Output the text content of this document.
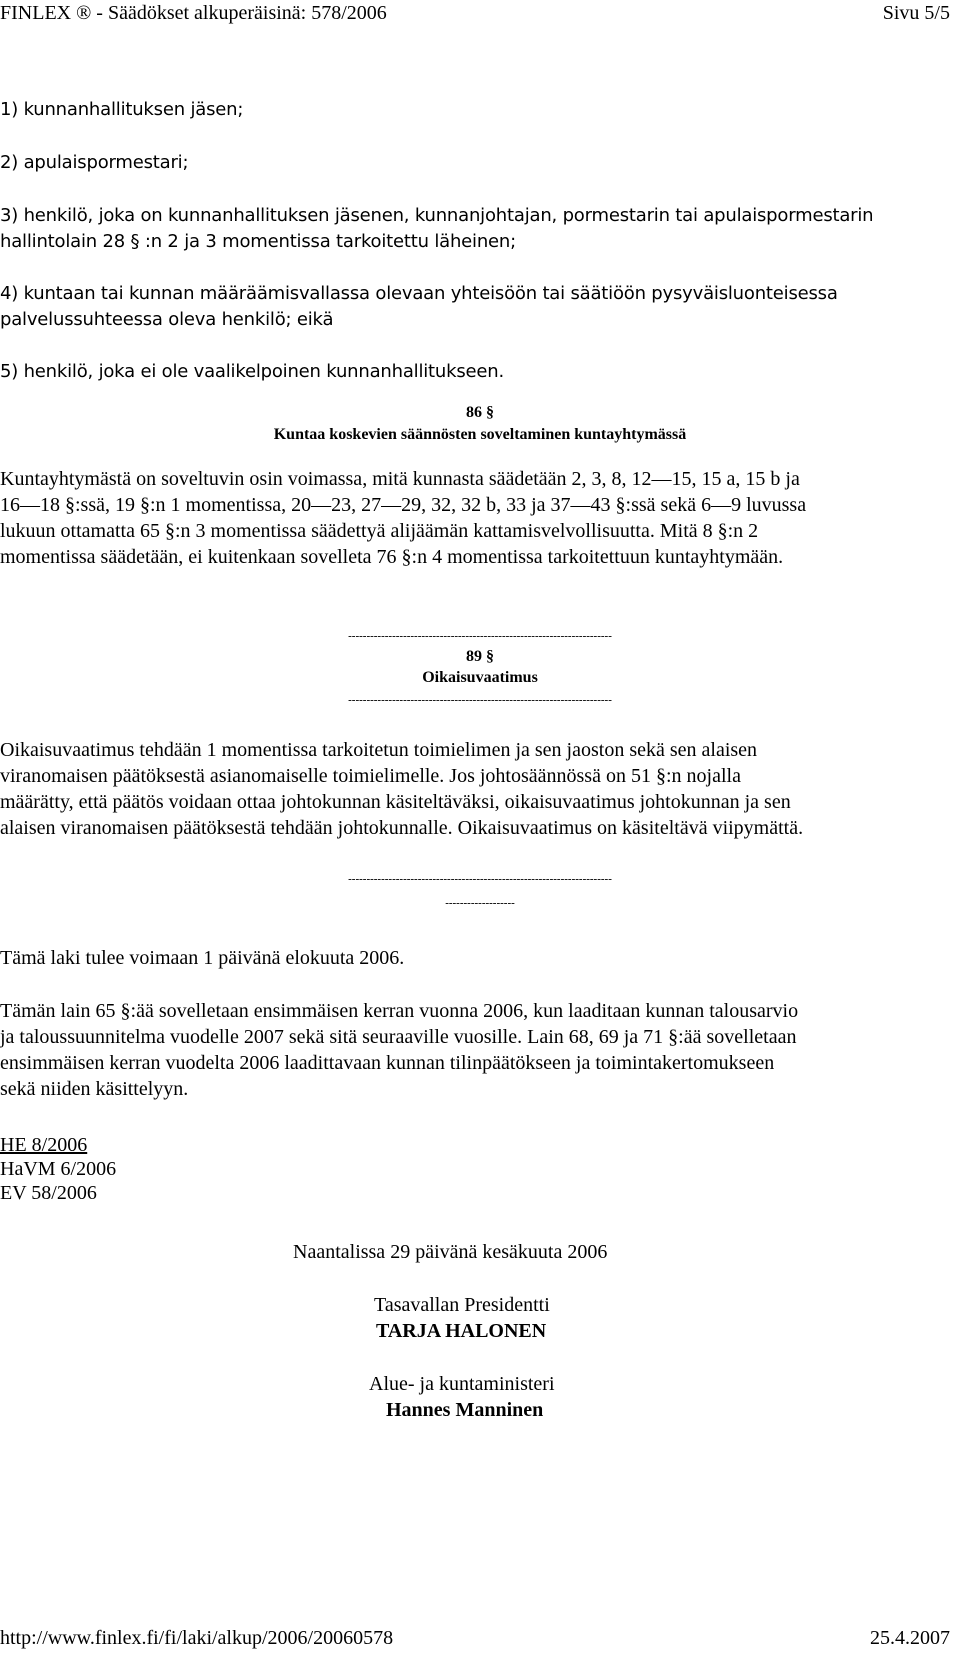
FINLEX ® - Säädökset alkuperäisinä: 578/2006	Sivu 5/5
1) kunnanhallituksen jäsen;
2) apulaispormestari;
3) henkilö, joka on kunnanhallituksen jäsenen, kunnanjohtajan, pormestarin tai apulaispormestarin
hallintolain 28 § :n 2 ja 3 momentissa tarkoitettu läheinen;
4) kuntaan tai kunnan määräämisvallassa olevaan yhteisöön tai säätiöön pysyväisluonteisessa
palvelussuhteessa oleva henkilö; eikä
5) henkilö, joka ei ole vaalikelpoinen kunnanhallitukseen.
86 §
Kuntaa koskevien säännösten soveltaminen kuntayhtymässä
Kuntayhtymästä on soveltuvin osin voimassa, mitä kunnasta säädetään 2, 3, 8, 12—15, 15 a, 15 b ja
16—18 §:ssä, 19 §:n 1 momentissa, 20—23, 27—29, 32, 32 b, 33 ja 37—43 §:ssä sekä 6—9 luvussa
lukuun ottamatta 65 §:n 3 momentissa säädettyä alijäämän kattamisvelvollisuutta. Mitä 8 §:n 2
momentissa säädetään, ei kuitenkaan sovelleta 76 §:n 4 momentissa tarkoitettuun kuntayhtymään.
------------------------------------------------------------------------
89 §
Oikaisuvaatimus
------------------------------------------------------------------------
Oikaisuvaatimus tehdään 1 momentissa tarkoitetun toimielimen ja sen jaoston sekä sen alaisen
viranomaisen päätöksestä asianomaiselle toimielimelle. Jos johtosäännössä on 51 §:n nojalla
määrätty, että päätös voidaan ottaa johtokunnan käsiteltäväksi, oikaisuvaatimus johtokunnan ja sen
alaisen viranomaisen päätöksestä tehdään johtokunnalle. Oikaisuvaatimus on käsiteltävä viipymättä.
------------------------------------------------------------------------
-------------------
Tämä laki tulee voimaan 1 päivänä elokuuta 2006.
Tämän lain 65 §:ää sovelletaan ensimmäisen kerran vuonna 2006, kun laaditaan kunnan talousarvio
ja taloussuunnitelma vuodelle 2007 sekä sitä seuraaville vuosille. Lain 68, 69 ja 71 §:ää sovelletaan
ensimmäisen kerran vuodelta 2006 laadittavaan kunnan tilinpäätökseen ja toimintakertomukseen
sekä niiden käsittelyyn.
HE 8/2006
HaVM 6/2006
EV 58/2006
Naantalissa 29 päivänä kesäkuuta 2006
Tasavallan Presidentti
TARJA HALONEN
Alue- ja kuntaministeri
Hannes Manninen
http://www.finlex.fi/fi/laki/alkup/2006/20060578	25.4.2007
